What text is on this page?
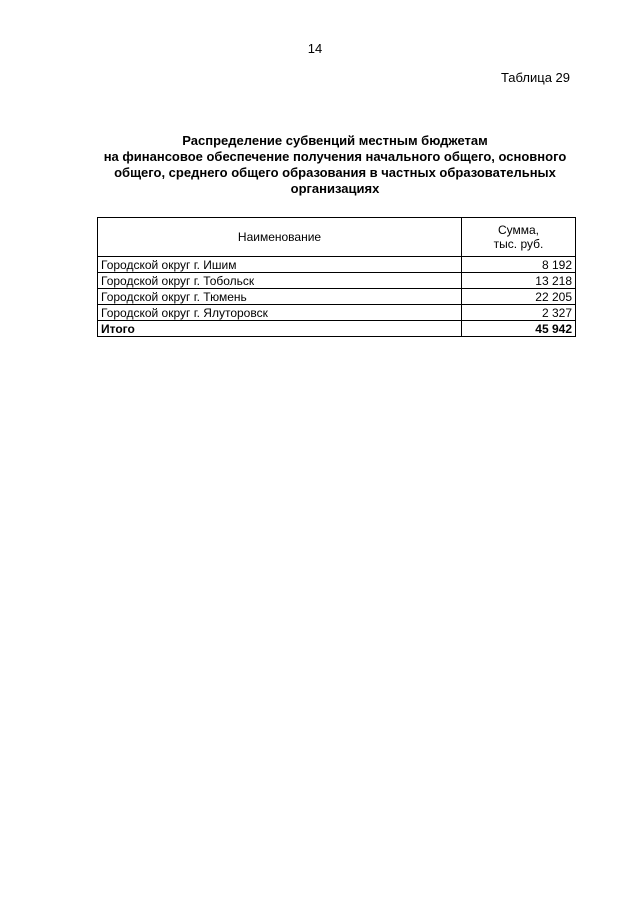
14
Таблица 29
Распределение субвенций местным бюджетам
на финансовое обеспечение получения начального общего, основного
общего, среднего общего образования в частных образовательных
организациях
Наименование	Сумма,
тыс. руб.
Городской округ г. Ишим	8 192
Городской округ г. Тобольск	13 218
Городской округ г. Тюмень	22 205
Городской округ г. Ялуторовск	2 327
Итого	45 942
